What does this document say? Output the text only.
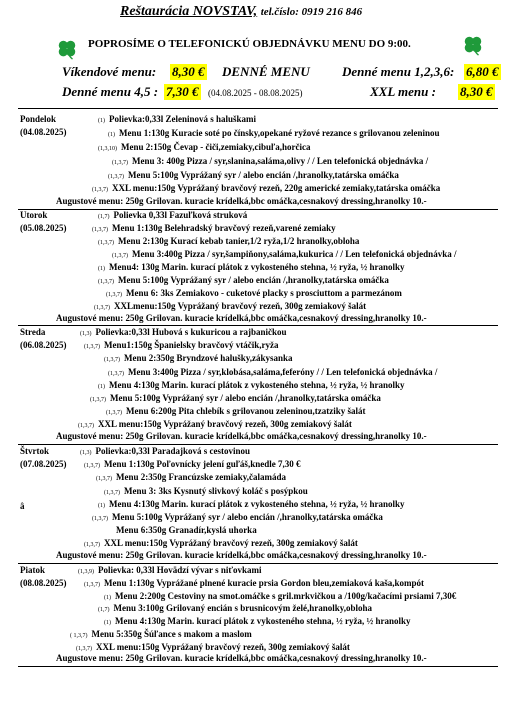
Reštaurácia NOVSTAV, tel.číslo: 0919 216 846
POPROSÍME O TELEFONICKÚ OBJEDNÁVKU MENU DO 9:00.
Víkendové menu: 8,30 € DENNÉ MENU Denné menu 1,2,3,6: 6,80 €
Denné menu 4,5 : 7,30 € (04.08.2025 - 08.08.2025)	XXL menu : 8,30 €
Pondelok
(04.08.2025)
(1) Polievka:0,33l Zeleninová s haluškami
(1) Menu 1:130g Kuracie soté po čínsky,opekané ryžové rezance s grilovanou zeleninou
(1,3,10) Menu 2:150g Čevap - čiči,zemiaky,cibuľa,horčica
(1,3,7) Menu 3: 400g Pizza / syr,slanina,saláma,olivy / / Len telefonická objednávka /
(1,3,7) Menu 5:100g Vyprážaný syr / alebo encián /,hranolky,tatárska omáčka
(1,3,7) XXL menu:150g Vyprážaný bravčový rezeň, 220g americké zemiaky,tatárska omáčka
Augustové menu: 250g Grilovan. kuracie krídelká,bbc omáčka,cesnakový dressing,hranolky 10.-
Utorok
(05.08.2025)
(1,7) Polievka 0,33l Fazuľková struková
(1,3,7) Menu 1:130g Belehradský bravčový rezeň,varené zemiaky
(1,3,7) Menu 2:130g Kurací kebab tanier,1/2 ryža,1/2 hranolky,obloha
(1,3,7) Menu 3:400g Pizza / syr,šampiňony,saláma,kukurica / / Len telefonická objednávka /
(1) Menu4: 130g Marin. kurací plátok z vykosteného stehna, ½ ryža, ½ hranolky
(1,3,7) Menu 5:100g Vyprážaný syr / alebo encián /,hranolky,tatárska omáčka
(1,3,7) Menu 6: 3ks Zemiakovo - cuketové placky s prosciuttom a parmezánom
(1,3,7) XXLmenu:150g Vyprážaný bravčový rezeň, 300g zemiakový šalát
Augustové menu: 250g Grilovan. kuracie krídelká,bbc omáčka,cesnakový dressing,hranolky 10.-
Streda
(06.08.2025)
(1,3) Polievka:0,33l Hubová s kukuricou a rajbaničkou
(1,3,7) Menu1:150g Španielsky bravčový vtáčik,ryža
(1,3,7) Menu 2:350g Bryndzové halušky,zákysanka
(1,3,7) Menu 3:400g Pizza / syr,klobása,saláma,feferóny / / Len telefonická objednávka /
(1) Menu 4:130g Marin. kurací plátok z vykosteného stehna, ½ ryža, ½ hranolky
(1,3,7) Menu 5:100g Vyprážaný syr / alebo encián /,hranolky,tatárska omáčka
(1,3,7) Menu 6:200g Pita chlebík s grilovanou zeleninou,tzatziky šalát
(1,3,7) XXL menu:150g Vyprážaný bravčový rezeň, 300g zemiakový šalát
Augustové menu: 250g Grilovan. kuracie krídelká,bbc omáčka,cesnakový dressing,hranolky 10.-
Štvrtok
(07.08.2025)
(1,3) Polievka:0,33l Paradajková s cestovinou
(1,3,7) Menu 1:130g Poľovnícky jelení guľáš,knedle 7,30 €
(1,3,7) Menu 2:350g Francúzske zemiaky,čalamáda
(1,3,7) Menu 3: 3ks Kysnutý slivkový koláč s posýpkou
(1) Menu 4:130g Marin. kurací plátok z vykosteného stehna, ½ ryža, ½ hranolky
(1,3,7) Menu 5:100g Vyprážaný syr / alebo encián /,hranolky,tatárska omáčka
Menu 6:350g Granadír,kyslá uhorka
(1,3,7) XXL menu:150g Vyprážaný bravčový rezeň, 300g zemiakový šalát
â
Augustové menu: 250g Grilovan. kuracie krídelká,bbc omáčka,cesnakový dressing,hranolky 10.-
Piatok
(08.08.2025)
(1,3,9) Polievka: 0,33l Hovädzí vývar s niťovkami
(1,3,7) Menu 1:130g Vyprážané plnené kuracie prsia Gordon bleu,zemiaková kaša,kompót
(1) Menu 2:200g Cestoviny na smot.omáčke s gril.mrkvičkou a /100g/kačacími prsiami 7,30€
(1,7) Menu 3:100g Grilovaný encián s brusnicovým želé,hranolky,obloha
(1) Menu 4:130g Marin. kurací plátok z vykosteného stehna, ½ ryža, ½ hranolky
( 1,3,7) Menu 5:350g Šúľance s makom a maslom
(1,3,7) XXL menu:150g Vyprážaný bravčový rezeň, 300g zemiakový šalát
Augustove menu: 250g Grilovan. kuracie krídelká,bbc omáčka,cesnakový dressing,hranolky 10.-
